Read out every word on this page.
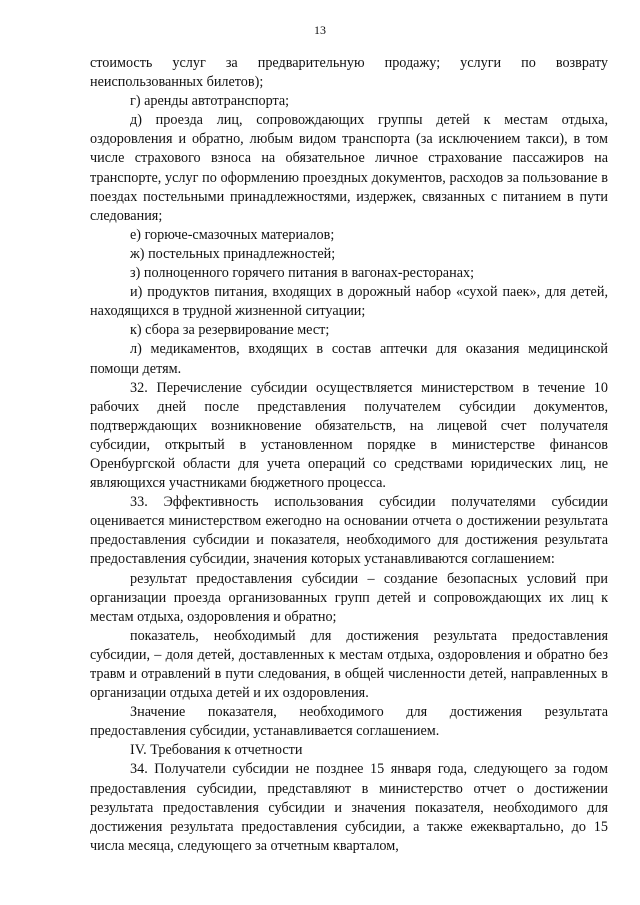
13

стоимость услуг за предварительную продажу; услуги по возврату неиспользованных билетов);

г) аренды автотранспорта;

д) проезда лиц, сопровождающих группы детей к местам отдыха, оздоровления и обратно, любым видом транспорта (за исключением такси), в том числе страхового взноса на обязательное личное страхование пассажиров на транспорте, услуг по оформлению проездных документов, расходов за пользование в поездах постельными принадлежностями, издержек, связанных с питанием в пути следования;

е) горюче-смазочных материалов;

ж) постельных принадлежностей;

з) полноценного горячего питания в вагонах-ресторанах;

и) продуктов питания, входящих в дорожный набор «сухой паек», для детей, находящихся в трудной жизненной ситуации;

к) сбора за резервирование мест;

л) медикаментов, входящих в состав аптечки для оказания медицинской помощи детям.

32. Перечисление субсидии осуществляется министерством в течение 10 рабочих дней после представления получателем субсидии документов, подтверждающих возникновение обязательств, на лицевой счет получателя субсидии, открытый в установленном порядке в министерстве финансов Оренбургской области для учета операций со средствами юридических лиц, не являющихся участниками бюджетного процесса.

33. Эффективность использования субсидии получателями субсидии оценивается министерством ежегодно на основании отчета о достижении результата предоставления субсидии и показателя, необходимого для достижения результата предоставления субсидии, значения которых устанавливаются соглашением:

результат предоставления субсидии – создание безопасных условий при организации проезда организованных групп детей и сопровождающих их лиц к местам отдыха, оздоровления и обратно;

показатель, необходимый для достижения результата предоставления субсидии, – доля детей, доставленных к местам отдыха, оздоровления и обратно без травм и отравлений в пути следования, в общей численности детей, направленных в организации отдыха детей и их оздоровления.

Значение показателя, необходимого для достижения результата предоставления субсидии, устанавливается соглашением.

IV. Требования к отчетности

34. Получатели субсидии не позднее 15 января года, следующего за годом предоставления субсидии, представляют в министерство отчет о достижении результата предоставления субсидии и значения показателя, необходимого для достижения результата предоставления субсидии, а также ежеквартально, до 15 числа месяца, следующего за отчетным кварталом,
